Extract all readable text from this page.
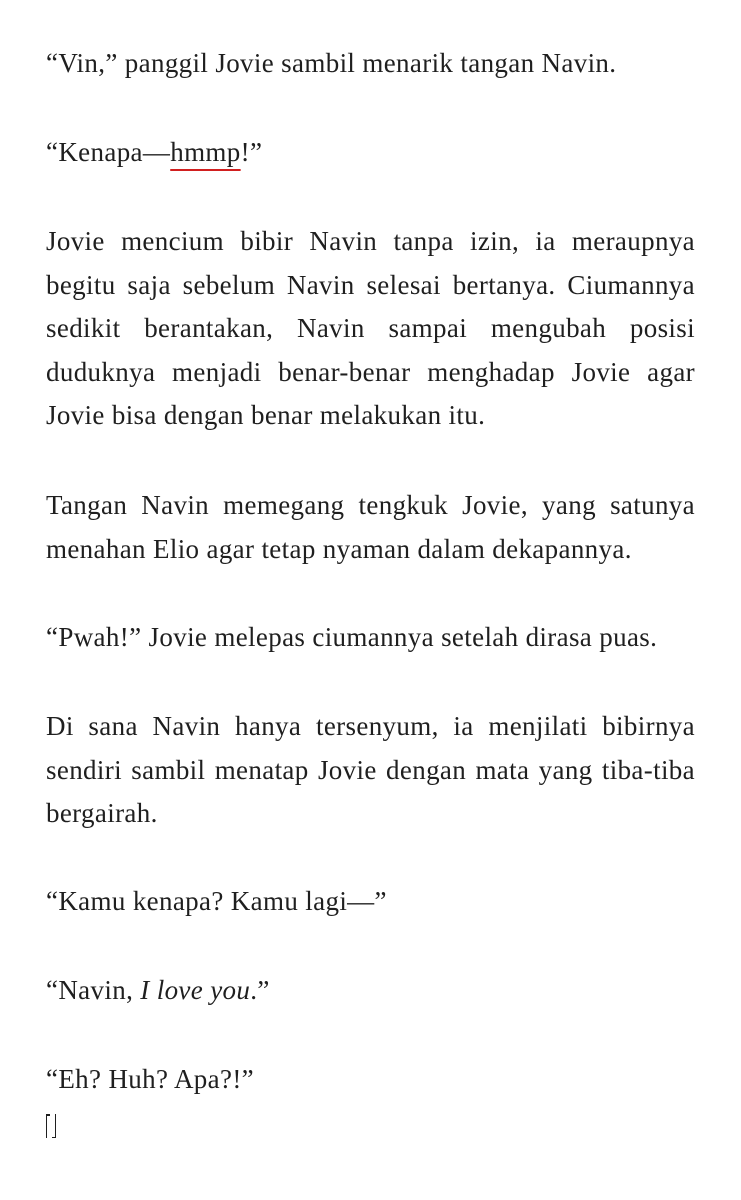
“Vin,” panggil Jovie sambil menarik tangan Navin.

“Kenapa—hmmp!”

Jovie mencium bibir Navin tanpa izin, ia meraupnya begitu saja sebelum Navin selesai bertanya. Ciumannya sedikit berantakan, Navin sampai mengubah posisi duduknya menjadi benar-benar menghadap Jovie agar Jovie bisa dengan benar melakukan itu.

Tangan Navin memegang tengkuk Jovie, yang satunya menahan Elio agar tetap nyaman dalam dekapannya.

“Pwah!” Jovie melepas ciumannya setelah dirasa puas.

Di sana Navin hanya tersenyum, ia menjilati bibirnya sendiri sambil menatap Jovie dengan mata yang tiba-tiba bergairah.

“Kamu kenapa? Kamu lagi—”

“Navin, I love you.”

“Eh? Huh? Apa?!”
